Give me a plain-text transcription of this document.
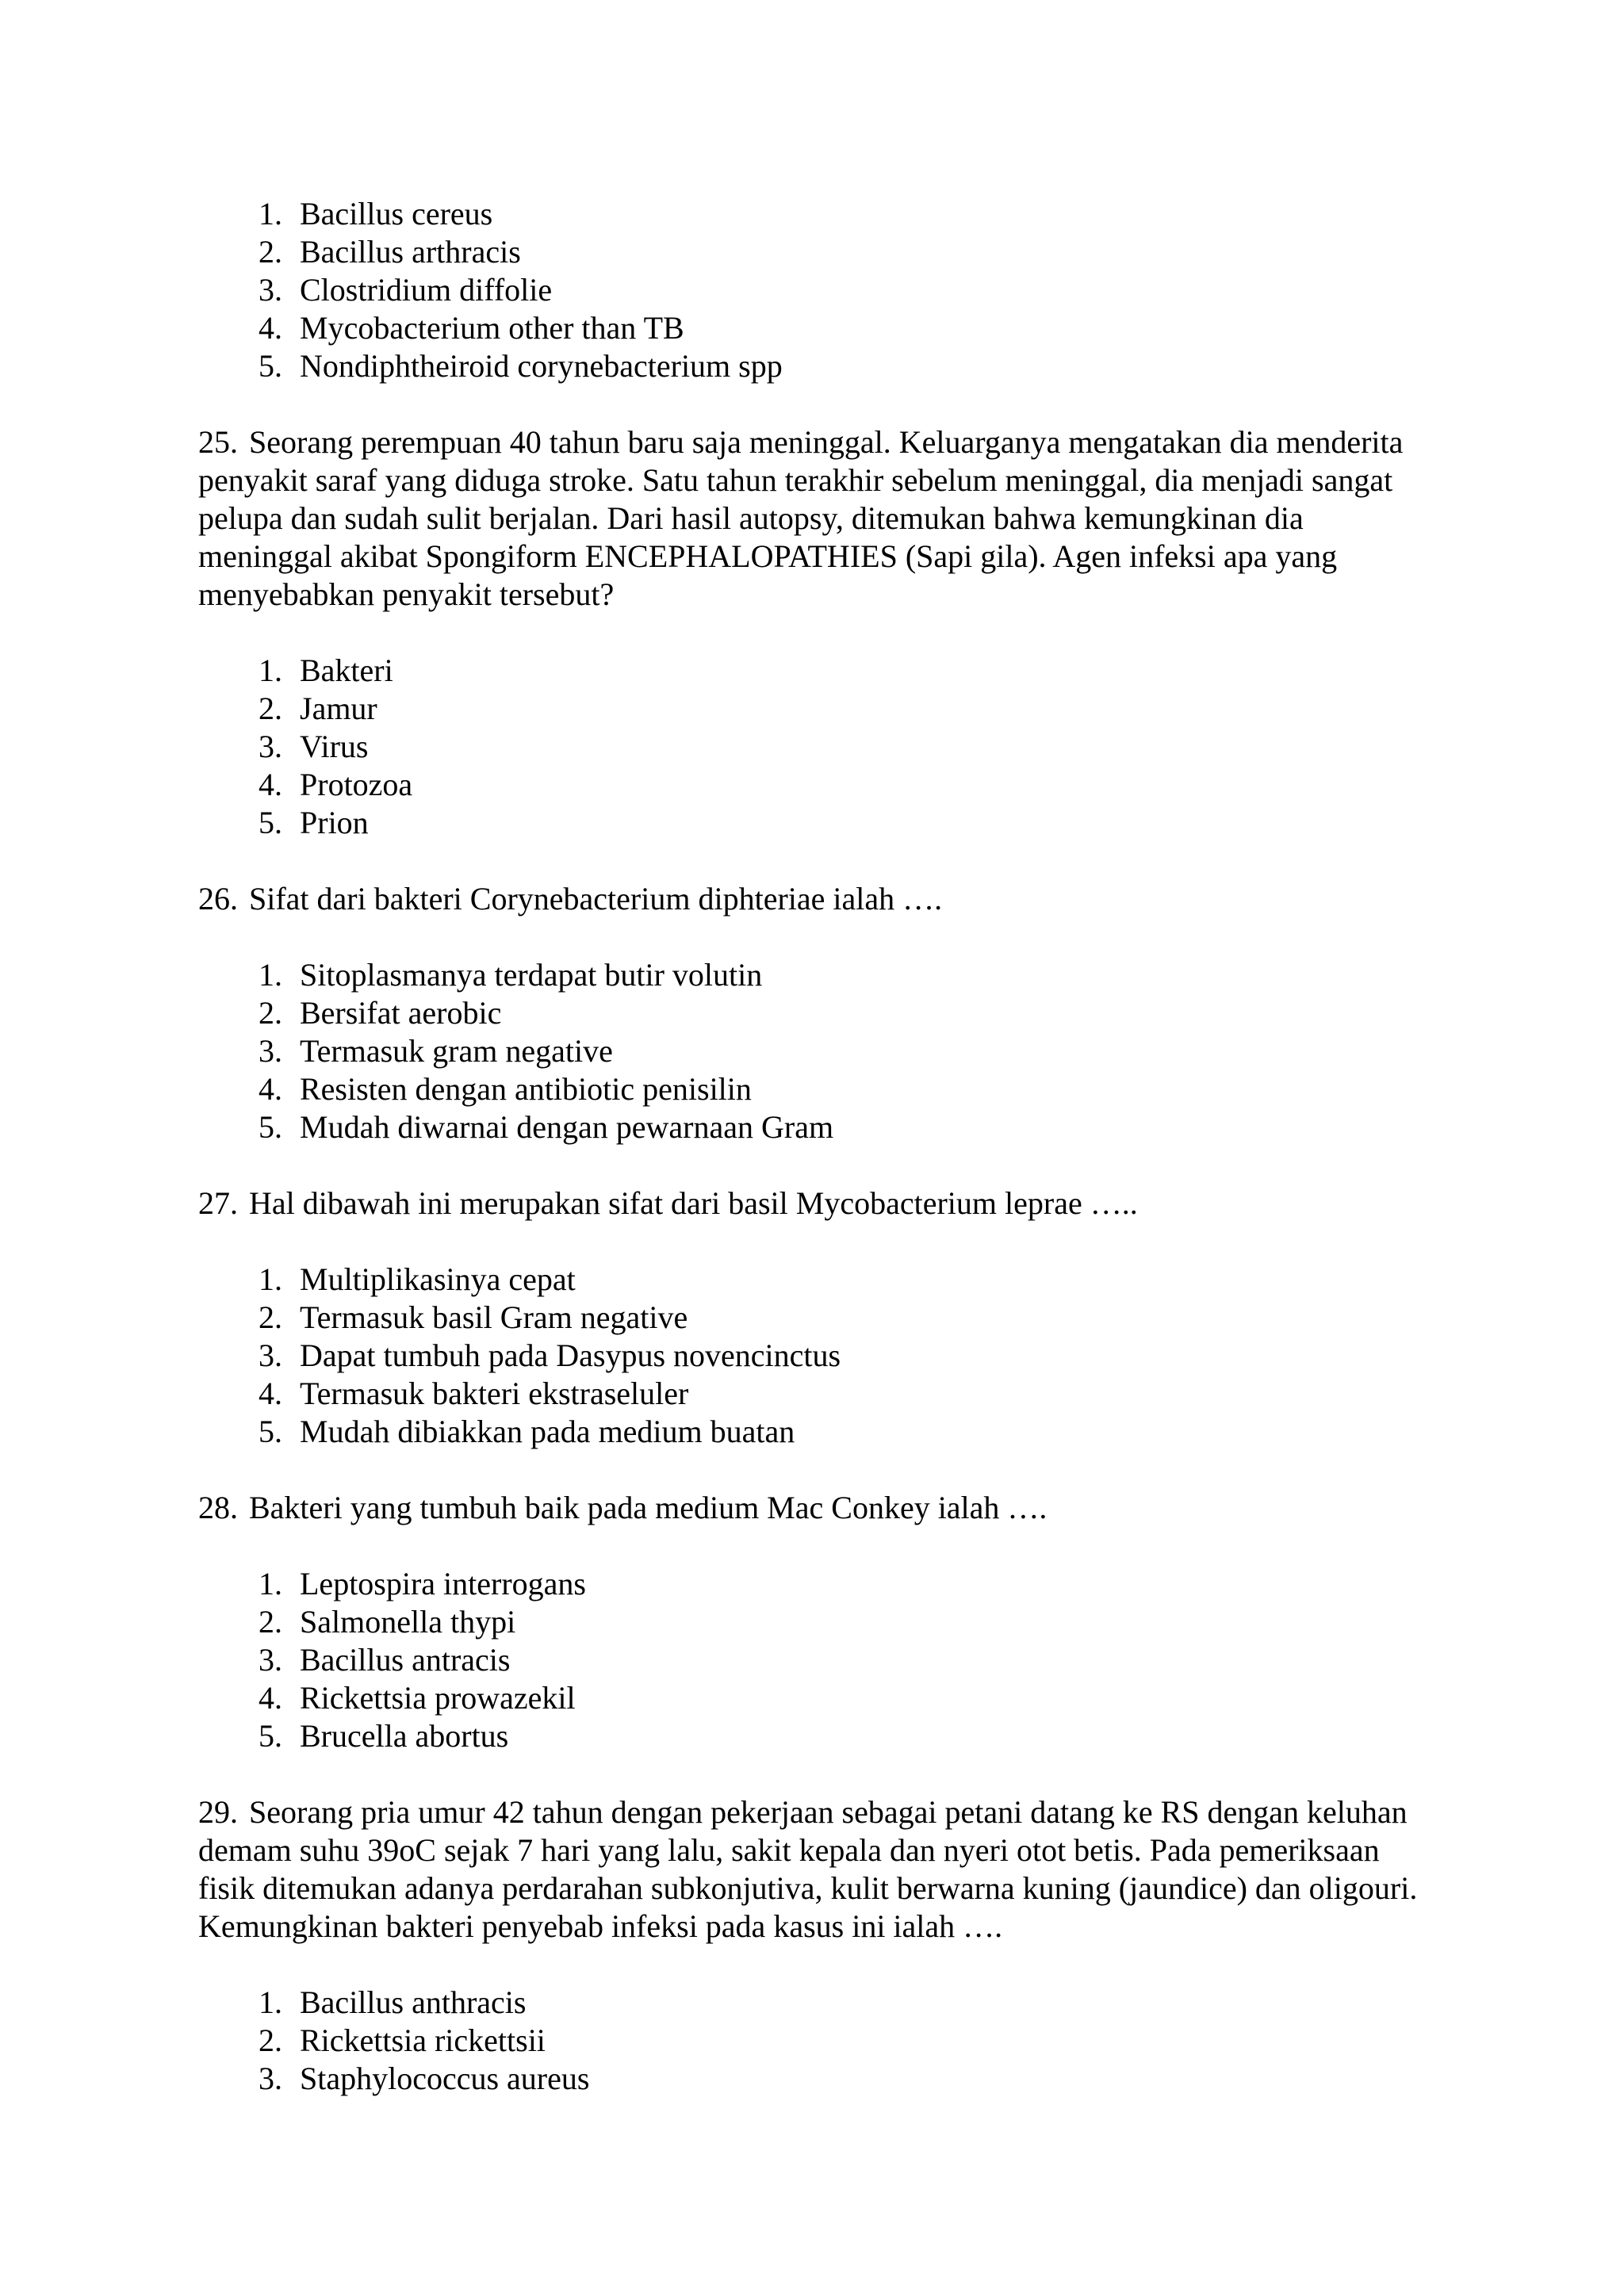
1. Bacillus cereus
2. Bacillus arthracis
3. Clostridium diffolie
4. Mycobacterium other than TB
5. Nondiphtheiroid corynebacterium spp
25. Seorang perempuan 40 tahun baru saja meninggal. Keluarganya mengatakan dia menderita penyakit saraf yang diduga stroke. Satu tahun terakhir sebelum meninggal, dia menjadi sangat pelupa dan sudah sulit berjalan. Dari hasil autopsy, ditemukan bahwa kemungkinan dia meninggal akibat Spongiform ENCEPHALOPATHIES (Sapi gila). Agen infeksi apa yang menyebabkan penyakit tersebut?
1. Bakteri
2. Jamur
3. Virus
4. Protozoa
5. Prion
26. Sifat dari bakteri Corynebacterium diphteriae ialah ….
1. Sitoplasmanya terdapat butir volutin
2. Bersifat aerobic
3. Termasuk gram negative
4. Resisten dengan antibiotic penisilin
5. Mudah diwarnai dengan pewarnaan Gram
27. Hal dibawah ini merupakan sifat dari basil Mycobacterium leprae …..
1. Multiplikasinya cepat
2. Termasuk basil Gram negative
3. Dapat tumbuh pada Dasypus novencinctus
4. Termasuk bakteri ekstraseluler
5. Mudah dibiakkan pada medium buatan
28. Bakteri yang tumbuh baik pada medium Mac Conkey ialah ….
1. Leptospira interrogans
2. Salmonella thypi
3. Bacillus antracis
4. Rickettsia prowazekil
5. Brucella abortus
29. Seorang pria umur 42 tahun dengan pekerjaan sebagai petani datang ke RS dengan keluhan demam suhu 39oC sejak 7 hari yang lalu, sakit kepala dan nyeri otot betis. Pada pemeriksaan fisik ditemukan adanya perdarahan subkonjutiva, kulit berwarna kuning (jaundice) dan oligouri. Kemungkinan bakteri penyebab infeksi pada kasus ini ialah ….
1. Bacillus anthracis
2. Rickettsia rickettsii
3. Staphylococcus aureus
